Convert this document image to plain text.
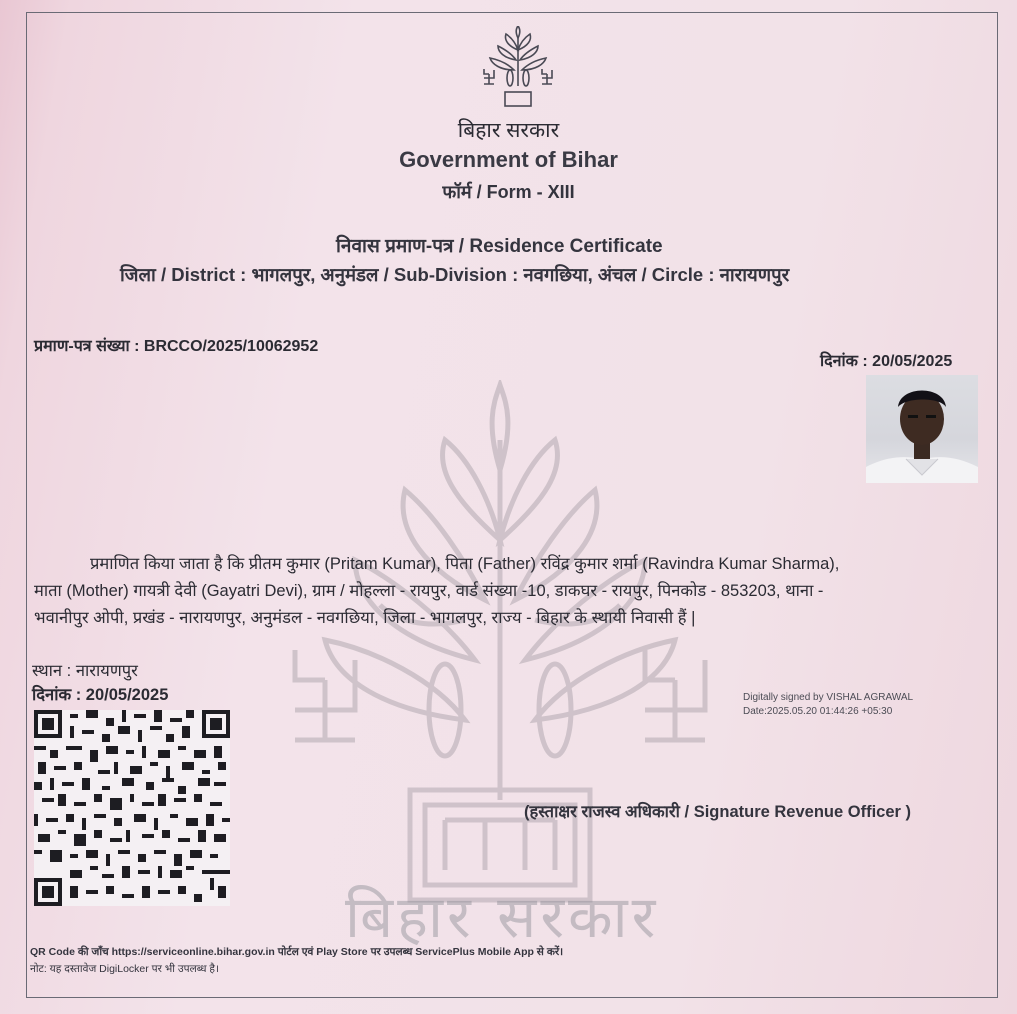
बिहार सरकार
बिहार सरकार
Government of Bihar
फॉर्म / Form - XIII
निवास प्रमाण-पत्र / Residence Certificate
जिला / District : भागलपुर, अनुमंडल / Sub-Division : नवगछिया, अंचल / Circle : नारायणपुर
प्रमाण-पत्र संख्या : BRCCO/2025/10062952
दिनांक : 20/05/2025
प्रमाणित किया जाता है कि प्रीतम कुमार (Pritam Kumar), पिता (Father) रविंद्र कुमार शर्मा (Ravindra Kumar Sharma),
माता (Mother) गायत्री देवी (Gayatri Devi), ग्राम / मोहल्ला - रायपुर, वार्ड संख्या -10, डाकघर - रायपुर, पिनकोड - 853203, थाना -
भवानीपुर ओपी, प्रखंड - नारायणपुर, अनुमंडल - नवगछिया, जिला - भागलपुर, राज्य - बिहार के स्थायी निवासी हैं |
स्थान : नारायणपुर
दिनांक : 20/05/2025	Digitally signed by VISHAL AGRAWAL
Date:2025.05.20 01:44:26 +05:30
(हस्ताक्षर राजस्व अधिकारी / Signature Revenue Officer )
QR Code की जाँच https://serviceonline.bihar.gov.in पोर्टल एवं Play Store पर उपलब्ध ServicePlus Mobile App से करें।
नोट: यह दस्तावेज DigiLocker पर भी उपलब्ध है।
